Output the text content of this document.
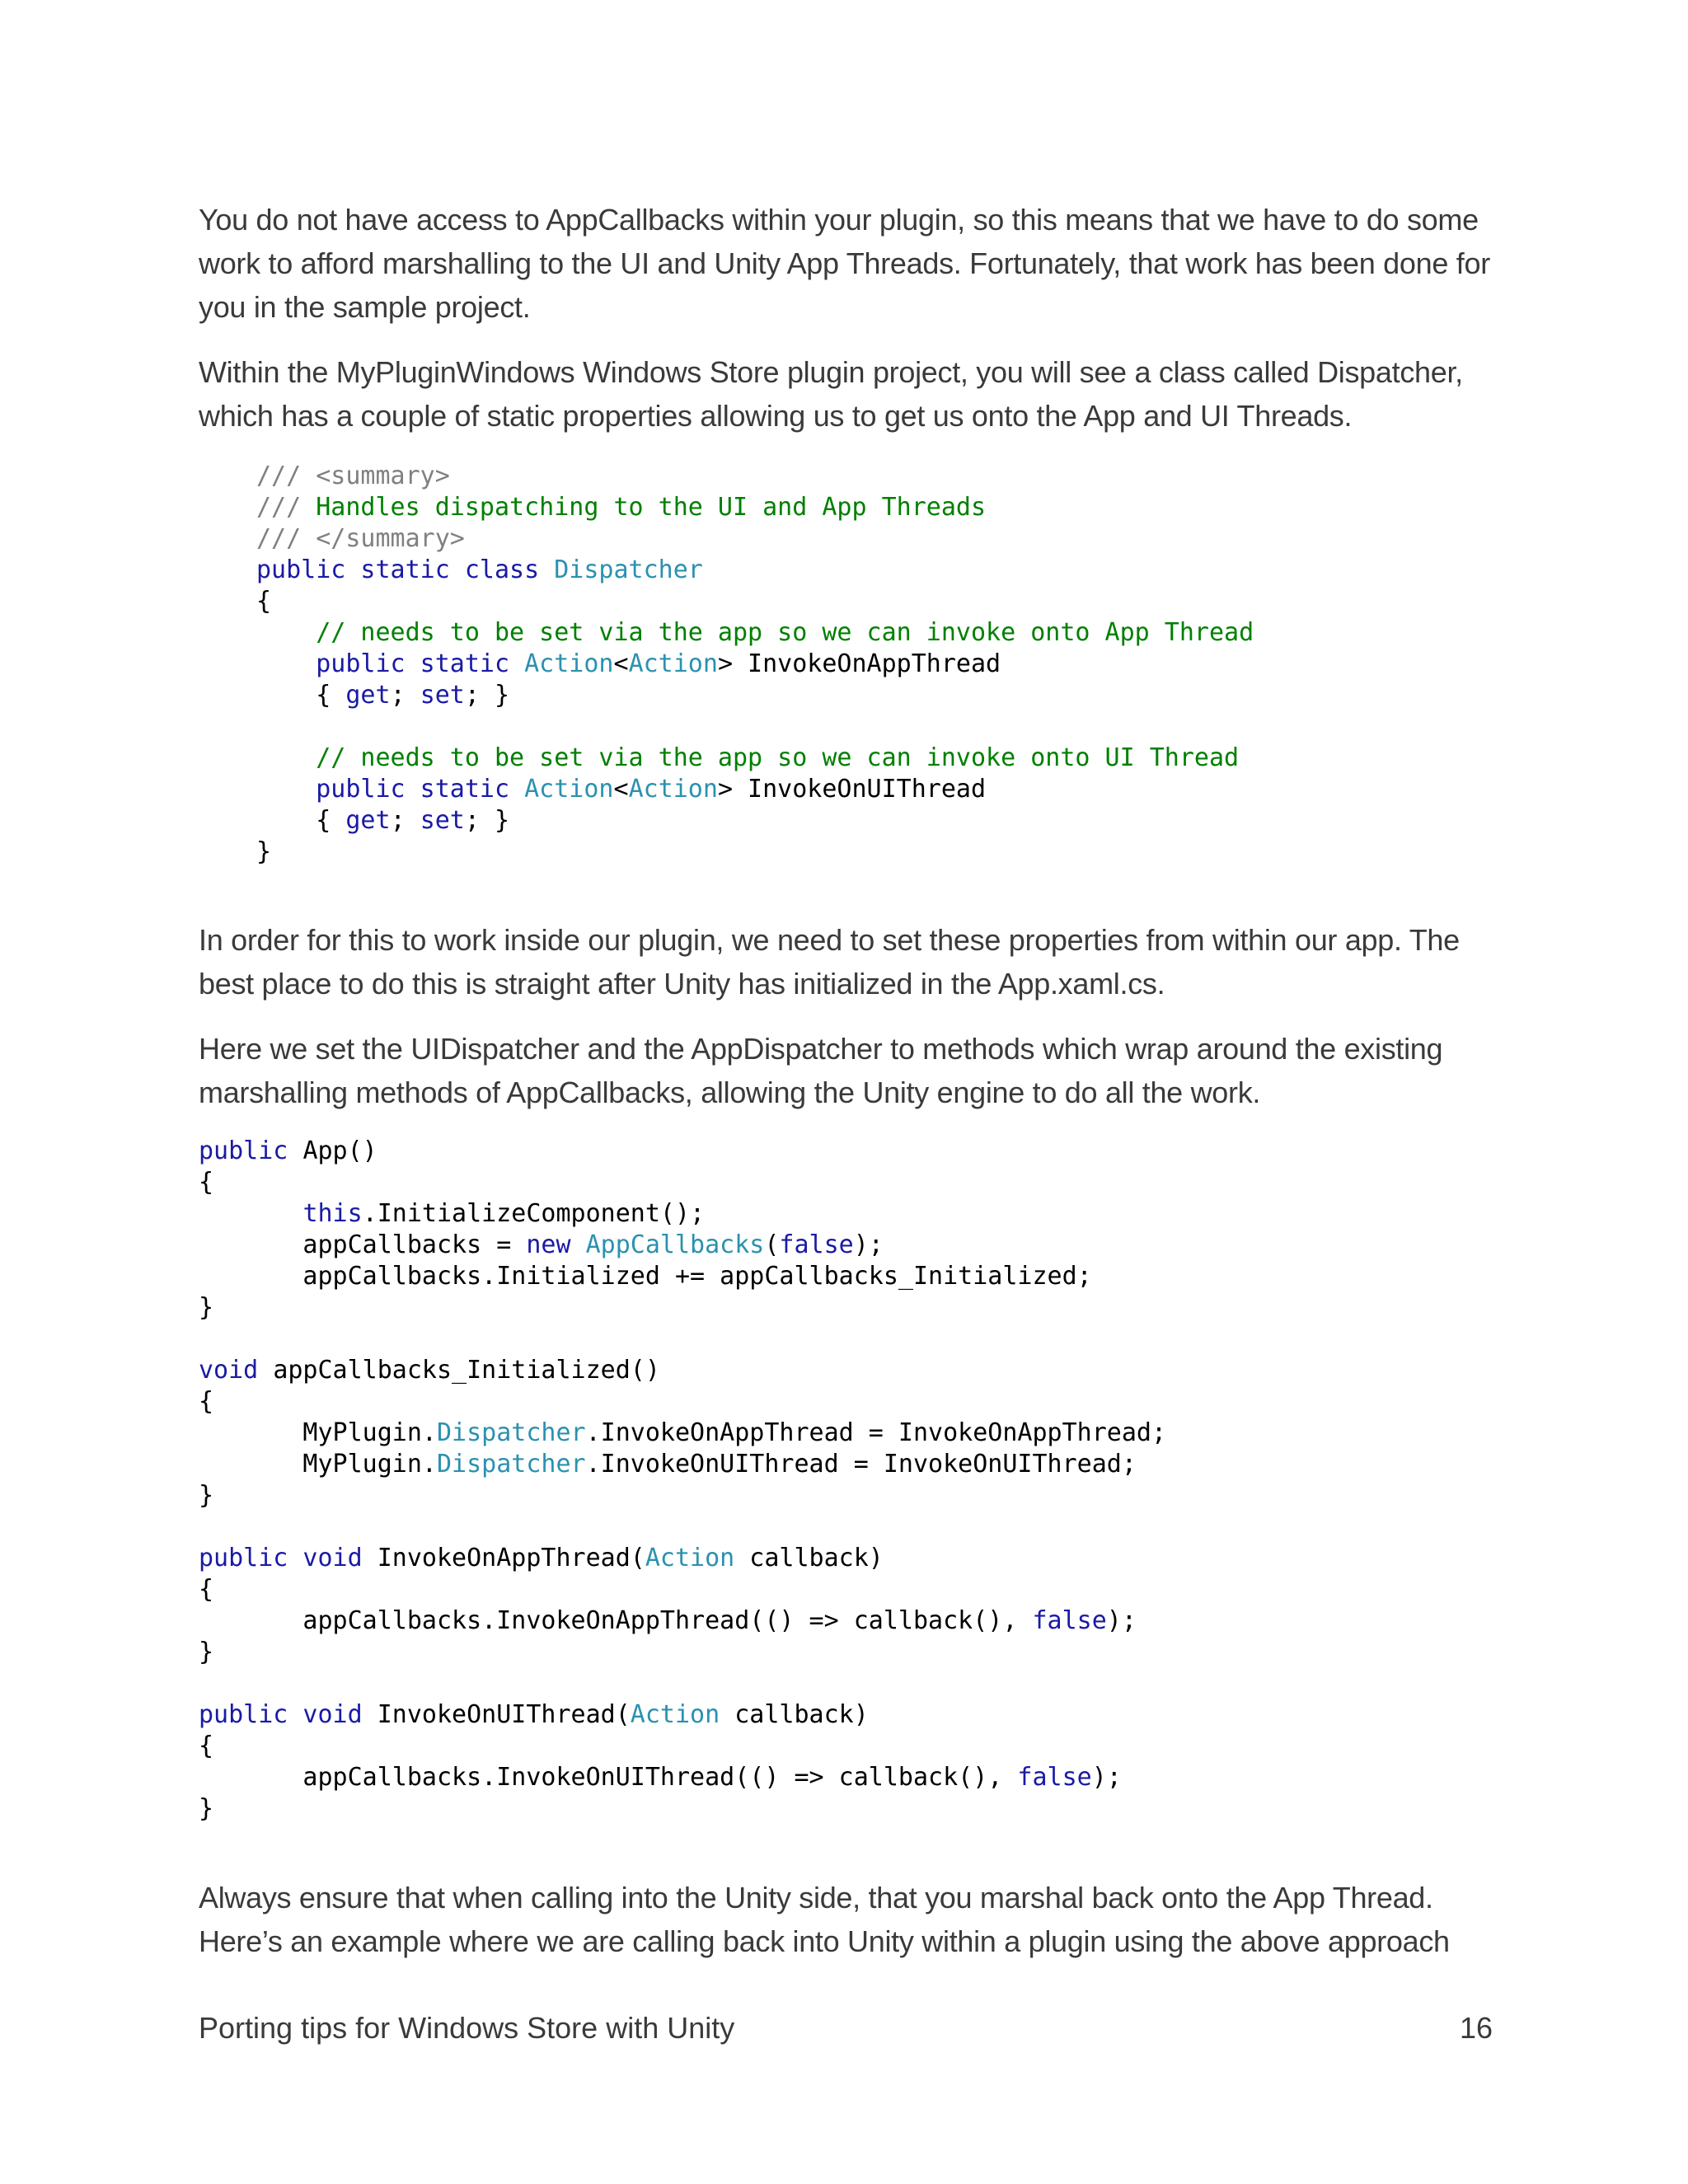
You do not have access to AppCallbacks within your plugin, so this means that we have to do some work to afford marshalling to the UI and Unity App Threads. Fortunately, that work has been done for you in the sample project.

Within the MyPluginWindows Windows Store plugin project, you will see a class called Dispatcher, which has a couple of static properties allowing us to get us onto the App and UI Threads.

/// <summary>
/// Handles dispatching to the UI and App Threads
/// </summary>
public static class Dispatcher
{
// needs to be set via the app so we can invoke onto App Thread
public static Action<Action> InvokeOnAppThread
{ get; set; }
// needs to be set via the app so we can invoke onto UI Thread
public static Action<Action> InvokeOnUIThread
{ get; set; }
}

In order for this to work inside our plugin, we need to set these properties from within our app. The best place to do this is straight after Unity has initialized in the App.xaml.cs.

Here we set the UIDispatcher and the AppDispatcher to methods which wrap around the existing marshalling methods of AppCallbacks, allowing the Unity engine to do all the work.

public App()
{
this.InitializeComponent();
appCallbacks = new AppCallbacks(false);
appCallbacks.Initialized += appCallbacks_Initialized;
}
void appCallbacks_Initialized()
{
MyPlugin.Dispatcher.InvokeOnAppThread = InvokeOnAppThread;
MyPlugin.Dispatcher.InvokeOnUIThread = InvokeOnUIThread;
}
public void InvokeOnAppThread(Action callback)
{
appCallbacks.InvokeOnAppThread(() => callback(), false);
}
public void InvokeOnUIThread(Action callback)
{
appCallbacks.InvokeOnUIThread(() => callback(), false);
}

Always ensure that when calling into the Unity side, that you marshal back onto the App Thread. Here’s an example where we are calling back into Unity within a plugin using the above approach

Porting tips for Windows Store with Unity	16
